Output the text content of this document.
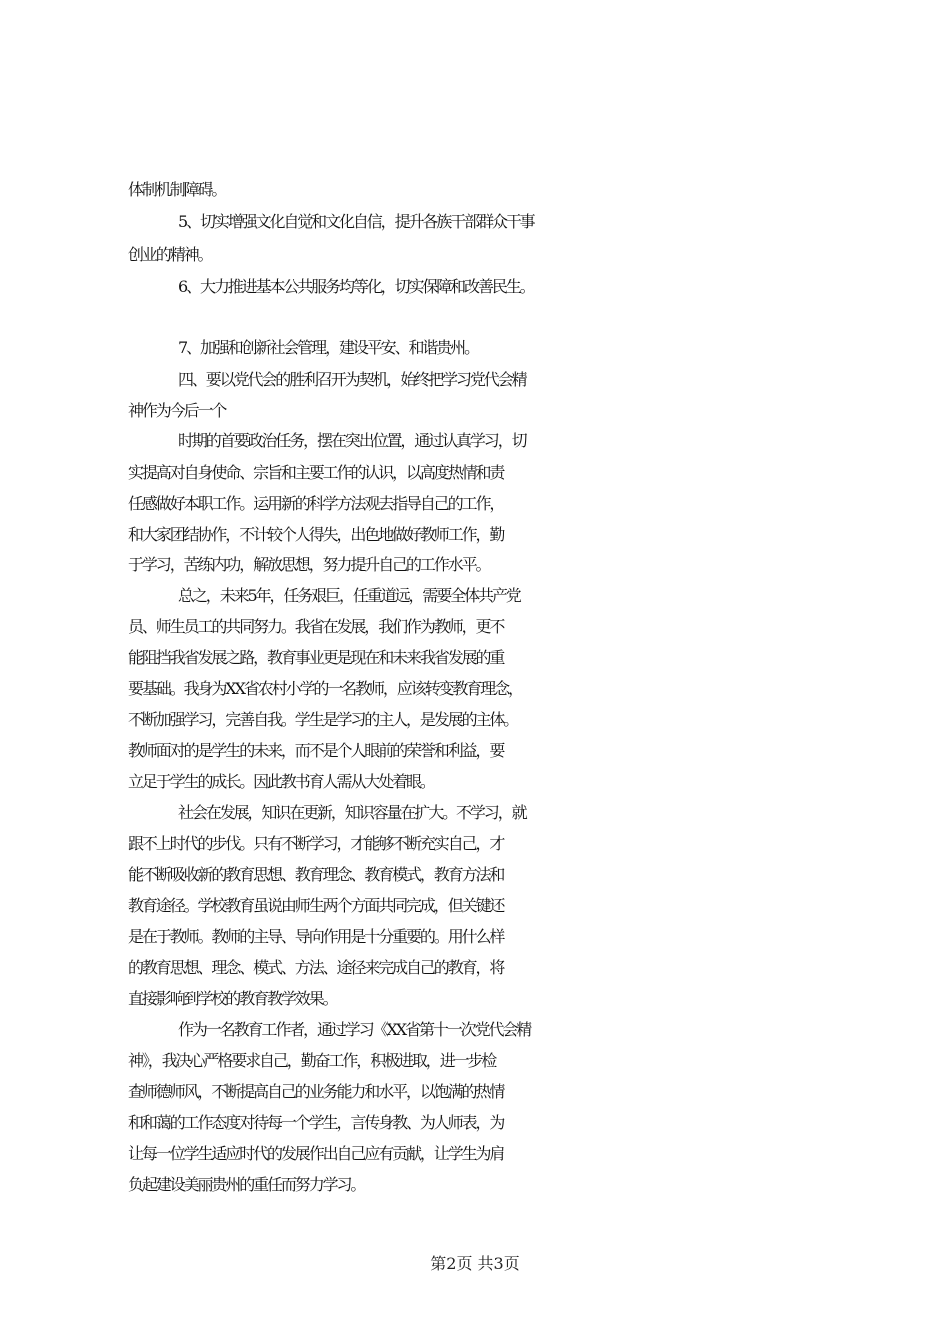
体制机制障碍。
5、切实增强文化自觉和文化自信，提升各族干部群众干事
创业的精神。
6、大力推进基本公共服务均等化，切实保障和改善民生。
7、加强和创新社会管理，建设平安、和谐贵州。
四、要以党代会的胜利召开为契机，始终把学习党代会精
神作为今后一个
时期的首要政治任务，摆在突出位置，通过认真学习，切
实提高对自身使命、宗旨和主要工作的认识，以高度热情和责
任感做好本职工作。运用新的科学方法观去指导自己的工作，
和大家团结协作，不计较个人得失，出色地做好教师工作，勤
于学习，苦练内功，解放思想，努力提升自己的工作水平。
总之，未来5年，任务艰巨，任重道远，需要全体共产党
员、师生员工的共同努力。我省在发展，我们作为教师，更不
能阻挡我省发展之路，教育事业更是现在和未来我省发展的重
要基础。我身为XX省农村小学的一名教师，应该转变教育理念，
不断加强学习，完善自我。学生是学习的主人，是发展的主体。
教师面对的是学生的未来，而不是个人眼前的荣誉和利益，要
立足于学生的成长。因此教书育人需从大处着眼。
社会在发展，知识在更新，知识容量在扩大。不学习，就
跟不上时代的步伐。只有不断学习，才能够不断充实自己，才
能不断吸收新的教育思想、教育理念、教育模式，教育方法和
教育途径。学校教育虽说由师生两个方面共同完成，但关键还
是在于教师。教师的主导、导向作用是十分重要的。用什么样
的教育思想、理念、模式、方法、途径来完成自己的教育，将
直接影响到学校的教育教学效果。
作为一名教育工作者，通过学习《XX省第十一次党代会精
神》，我决心严格要求自己，勤奋工作，积极进取，进一步检
查师德师风，不断提高自己的业务能力和水平，以饱满的热情
和和蔼的工作态度对待每一个学生，言传身教、为人师表，为
让每一位学生适应时代的发展作出自己应有贡献，让学生为肩
负起建设美丽贵州的重任而努力学习。
第2页 共3页
